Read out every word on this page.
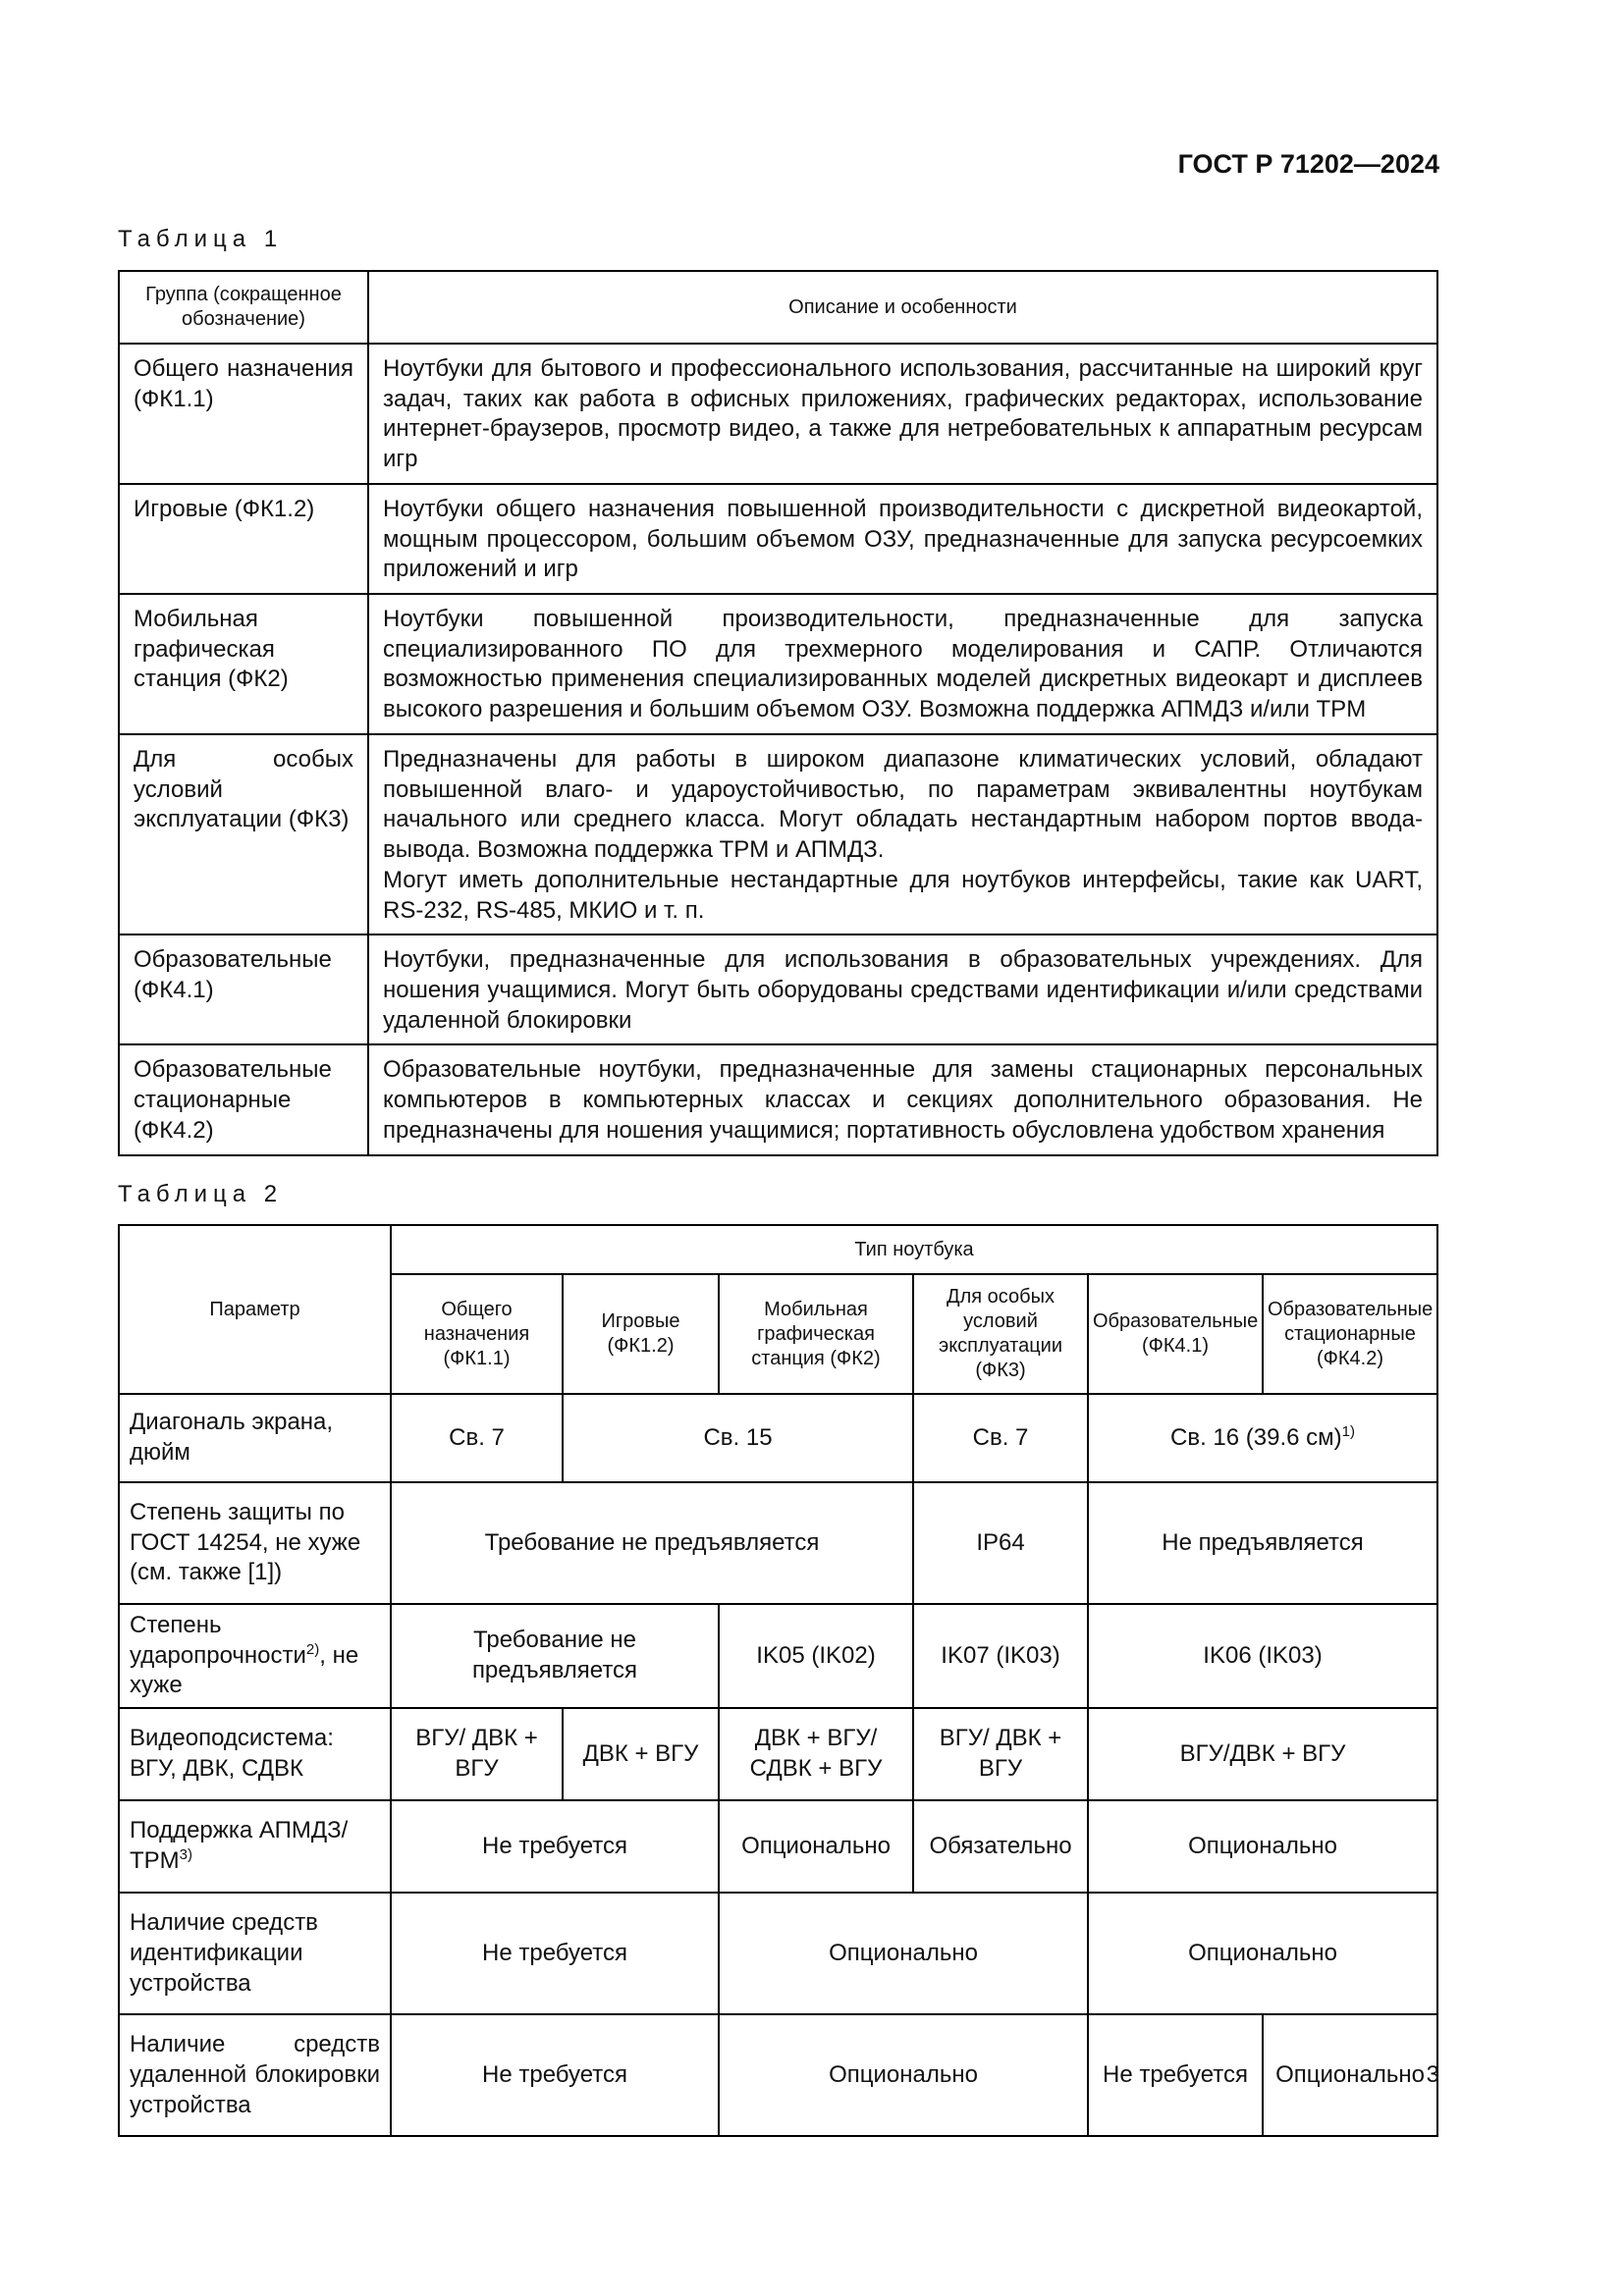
ГОСТ Р 71202—2024
Таблица 1
Группа (сокращенное обозначение)	Описание и особенности
Общего назначения (ФК1.1)	Ноутбуки для бытового и профессионального использования, рассчитанные на широкий круг задач, таких как работа в офисных приложениях, графических редакторах, использование интернет-браузеров, просмотр видео, а также для нетребовательных к аппаратным ресурсам игр

Игровые (ФК1.2)	Ноутбуки общего назначения повышенной производительности с дискретной видеокартой, мощным процессором, большим объемом ОЗУ, предназначенные для запуска ресурсоемких приложений и игр

Мобильная графическая станция (ФК2)	Ноутбуки повышенной производительности, предназначенные для запуска специализированного ПО для трехмерного моделирования и САПР. Отличаются возможностью применения специализированных моделей дискретных видеокарт и дисплеев высокого разрешения и большим объемом ОЗУ. Возможна поддержка АПМДЗ и/или TPM

Для особых условий эксплуатации (ФК3)	Предназначены для работы в широком диапазоне климатических условий, обладают повышенной влаго- и удароустойчивостью, по параметрам эквивалентны ноутбукам начального или среднего класса. Могут обладать нестандартным набором портов ввода-вывода. Возможна поддержка TPM и АПМДЗ.
Могут иметь дополнительные нестандартные для ноутбуков интерфейсы, такие как UART, RS-232, RS-485, МКИО и т. п.

Образовательные (ФК4.1)	Ноутбуки, предназначенные для использования в образовательных учреждениях. Для ношения учащимися. Могут быть оборудованы средствами идентификации и/или средствами удаленной блокировки

Образовательные стационарные (ФК4.2)	Образовательные ноутбуки, предназначенные для замены стационарных персональных компьютеров в компьютерных классах и секциях дополнительного образования. Не предназначены для ношения учащимися; портативность обусловлена удобством хранения
Таблица 2
Параметр	Тип ноутбука					
	Общего назначения (ФК1.1)	Игровые (ФК1.2)	Мобильная графическая станция (ФК2)	Для особых условий эксплуатации (ФК3)	Образовательные (ФК4.1)	Образовательные стационарные (ФК4.2)
Диагональ экрана, дюйм	Св. 7	Св. 15		Св. 7	Св. 16 (39.6 см)$^{1)}$
Степень защиты по ГОСТ 14254, не хуже (см. также [1])	Требование не предъявляется			IP64	Не предъявляется	
Степень ударопрочности$^{2)}$, не хуже	Требование не предъявляется		IK05 (IK02)	IK07 (IK03)	IK06 (IK03)	
Видеоподсистема: ВГУ, ДВК, СДВК	ВГУ/ ДВК + ВГУ	ДВК + ВГУ	ДВК + ВГУ/ СДВК + ВГУ	ВГУ/ ДВК + ВГУ	ВГУ/ДВК + ВГУ	
Поддержка АПМДЗ/ TPM$^{3)}$	Не требуется		Опционально	Обязательно	Опционально	
Наличие средств идентификации устройства	Не требуется		Опционально		Опционально	
Наличие средств удаленной блокировки устройства	Не требуется		Опционально		Не требуется	Опционально 3
